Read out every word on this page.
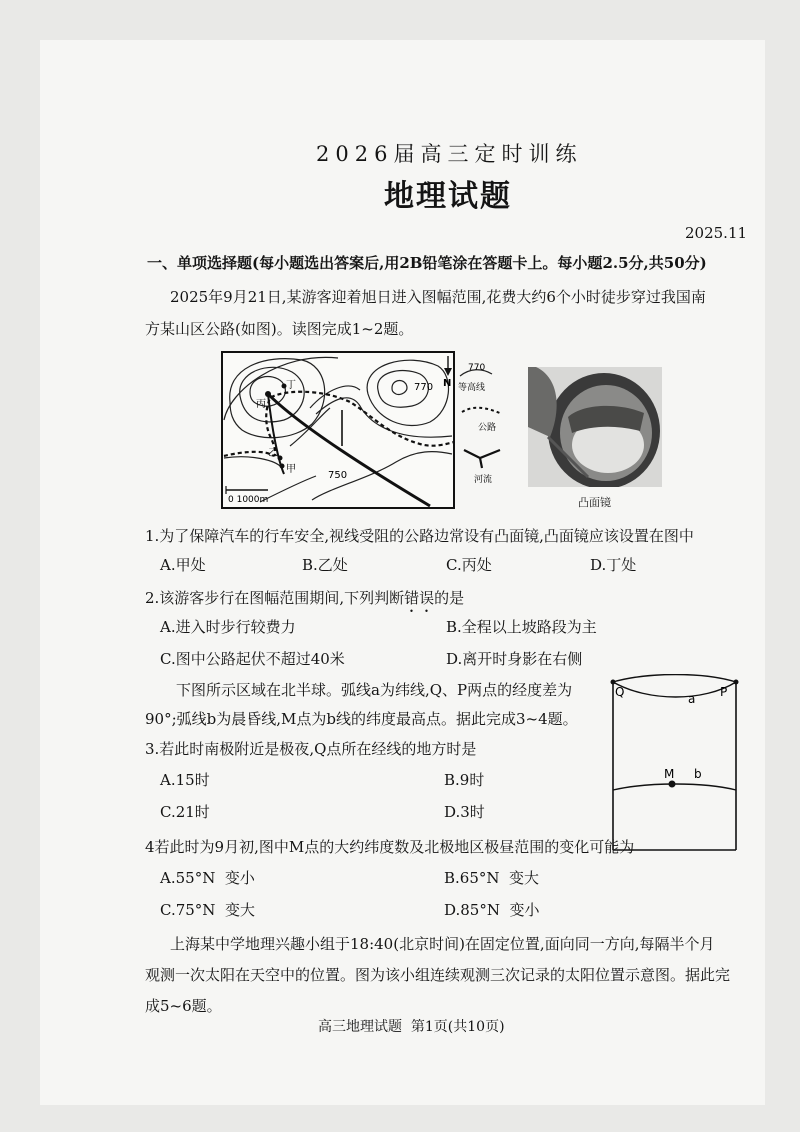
2026届高三定时训练
地理试题
2025.11
一、单项选择题(每小题选出答案后,用2B铅笔涂在答题卡上。每小题2.5分,共50分)
2025年9月21日,某游客迎着旭日进入图幅范围,花费大约6个小时徒步穿过我国南
方某山区公路(如图)。读图完成1~2题。
丁
丙
乙
甲
770
750
0 1000m
N
770
等高线
公路
河流
凸面镜
1.为了保障汽车的行车安全,视线受阻的公路边常设有凸面镜,凸面镜应该设置在图中
A.甲处	B.乙处	C.丙处	D.丁处
2.该游客步行在图幅范围期间,下列判断错误的是
A.进入时步行较费力	B.全程以上坡路段为主
C.图中公路起伏不超过40米	D.离开时身影在右侧
下图所示区域在北半球。弧线a为纬线,Q、P两点的经度差为
90°;弧线b为晨昏线,M点为b线的纬度最高点。据此完成3~4题。
Q	P
a
M b
3.若此时南极附近是极夜,Q点所在经线的地方时是
A.15时	B.9时
C.21时	D.3时
4若此时为9月初,图中M点的大约纬度数及北极地区极昼范围的变化可能为
A.55°N  变小	B.65°N  变大
C.75°N  变大	D.85°N  变小
上海某中学地理兴趣小组于18:40(北京时间)在固定位置,面向同一方向,每隔半个月
观测一次太阳在天空中的位置。图为该小组连续观测三次记录的太阳位置示意图。据此完
成5~6题。
高三地理试题  第1页(共10页)
